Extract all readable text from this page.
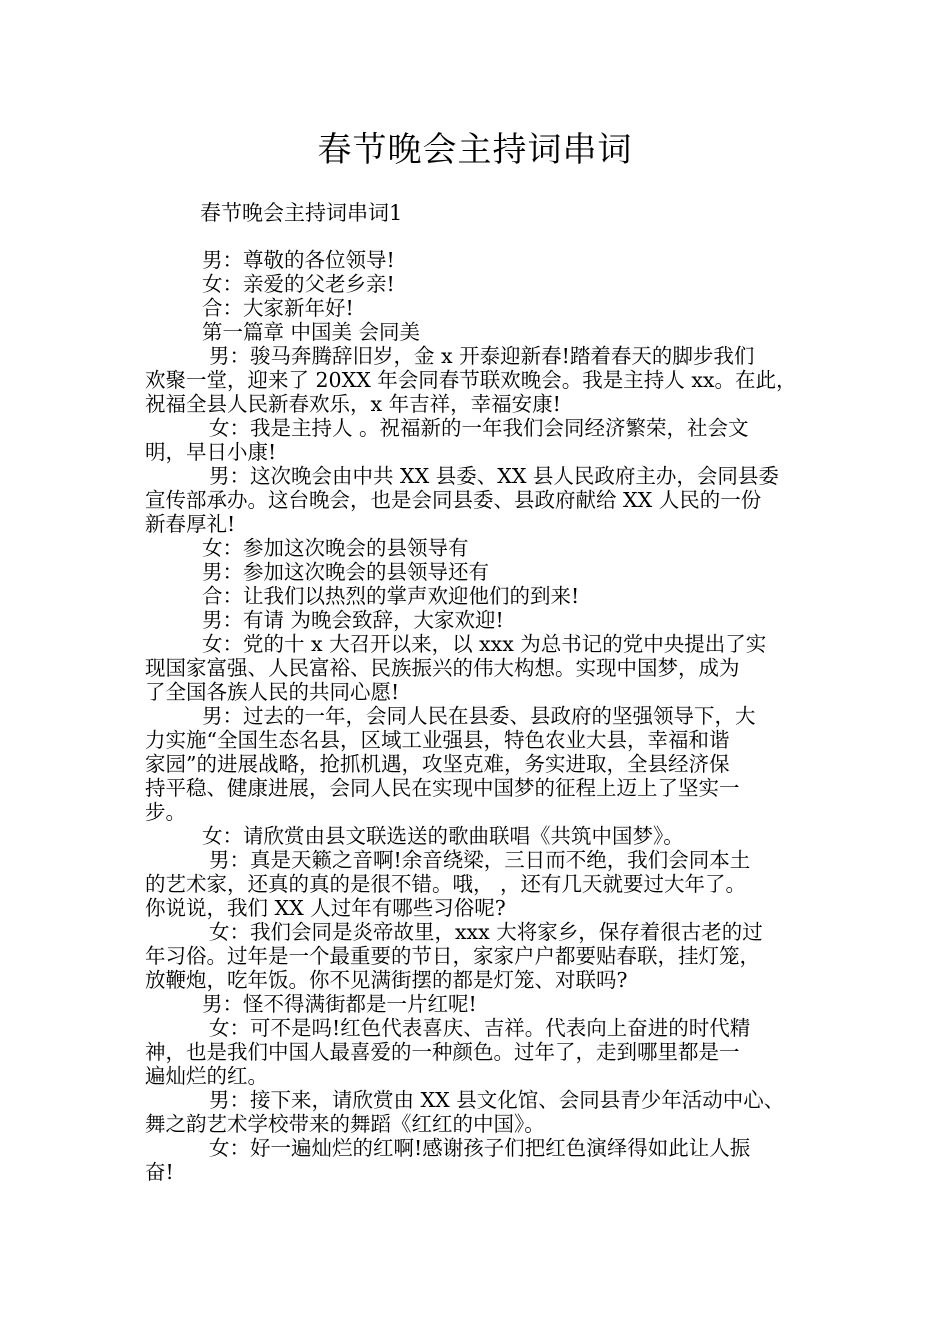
春节晚会主持词串词
春节晚会主持词串词1
男：尊敬的各位领导!
女：亲爱的父老乡亲!
合：大家新年好!
第一篇章 中国美 会同美
男：骏马奔腾辞旧岁，金 x 开泰迎新春!踏着春天的脚步我们
欢聚一堂，迎来了 20XX 年会同春节联欢晚会。我是主持人 xx。在此，
祝福全县人民新春欢乐，x 年吉祥，幸福安康!
女：我是主持人 。祝福新的一年我们会同经济繁荣，社会文
明，早日小康!
男：这次晚会由中共 XX 县委、XX 县人民政府主办，会同县委
宣传部承办。这台晚会，也是会同县委、县政府献给 XX 人民的一份
新春厚礼!
女：参加这次晚会的县领导有
男：参加这次晚会的县领导还有
合：让我们以热烈的掌声欢迎他们的到来!
男：有请 为晚会致辞，大家欢迎!
女：党的十 x 大召开以来，以 xxx 为总书记的党中央提出了实
现国家富强、人民富裕、民族振兴的伟大构想。实现中国梦，成为
了全国各族人民的共同心愿!
男：过去的一年，会同人民在县委、县政府的坚强领导下，大
力实施“全国生态名县，区域工业强县，特色农业大县，幸福和谐
家园”的进展战略，抢抓机遇，攻坚克难，务实进取，全县经济保
持平稳、健康进展，会同人民在实现中国梦的征程上迈上了坚实一
步。
女：请欣赏由县文联选送的歌曲联唱《共筑中国梦》。
男：真是天籁之音啊!余音绕梁，三日而不绝，我们会同本土
的艺术家，还真的真的是很不错。哦， ，还有几天就要过大年了。
你说说，我们 XX 人过年有哪些习俗呢?
女：我们会同是炎帝故里，xxx 大将家乡，保存着很古老的过
年习俗。过年是一个最重要的节日，家家户户都要贴春联，挂灯笼，
放鞭炮，吃年饭。你不见满街摆的都是灯笼、对联吗?
男：怪不得满街都是一片红呢!
女：可不是吗!红色代表喜庆、吉祥。代表向上奋进的时代精
神，也是我们中国人最喜爱的一种颜色。过年了，走到哪里都是一
遍灿烂的红。
男：接下来，请欣赏由 XX 县文化馆、会同县青少年活动中心、
舞之韵艺术学校带来的舞蹈《红红的中国》。
女：好一遍灿烂的红啊!感谢孩子们把红色演绎得如此让人振
奋!
